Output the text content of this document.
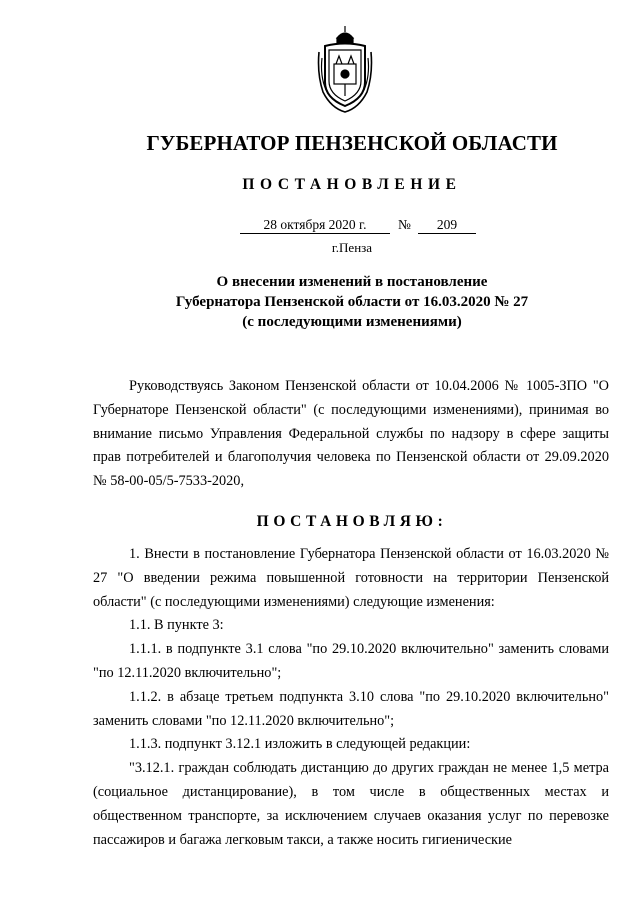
ГУБЕРНАТОР ПЕНЗЕНСКОЙ ОБЛАСТИ
ПОСТАНОВЛЕНИЕ
28 октября 2020 г.	№	209
г.Пенза
О внесении изменений в постановление
Губернатора Пензенской области от 16.03.2020 № 27
(с последующими изменениями)
Руководствуясь Законом Пензенской области от 10.04.2006 № 1005-ЗПО "О Губернаторе Пензенской области" (с последующими изменениями), принимая во внимание письмо Управления Федеральной службы по надзору в сфере защиты прав потребителей и благополучия человека по Пензенской области от 29.09.2020 № 58-00-05/5-7533-2020,
ПОСТАНОВЛЯЮ:

1. Внести в постановление Губернатора Пензенской области от 16.03.2020 № 27 "О введении режима повышенной готовности на территории Пензенской области" (с последующими изменениями) следующие изменения:

1.1. В пункте 3:

1.1.1. в подпункте 3.1 слова "по 29.10.2020 включительно" заменить словами "по 12.11.2020 включительно";

1.1.2. в абзаце третьем подпункта 3.10 слова "по 29.10.2020 включительно" заменить словами "по 12.11.2020 включительно";

1.1.3. подпункт 3.12.1 изложить в следующей редакции:

"3.12.1. граждан соблюдать дистанцию до других граждан не менее 1,5 метра (социальное дистанцирование), в том числе в общественных местах и общественном транспорте, за исключением случаев оказания услуг по перевозке пассажиров и багажа легковым такси, а также носить гигиенические
